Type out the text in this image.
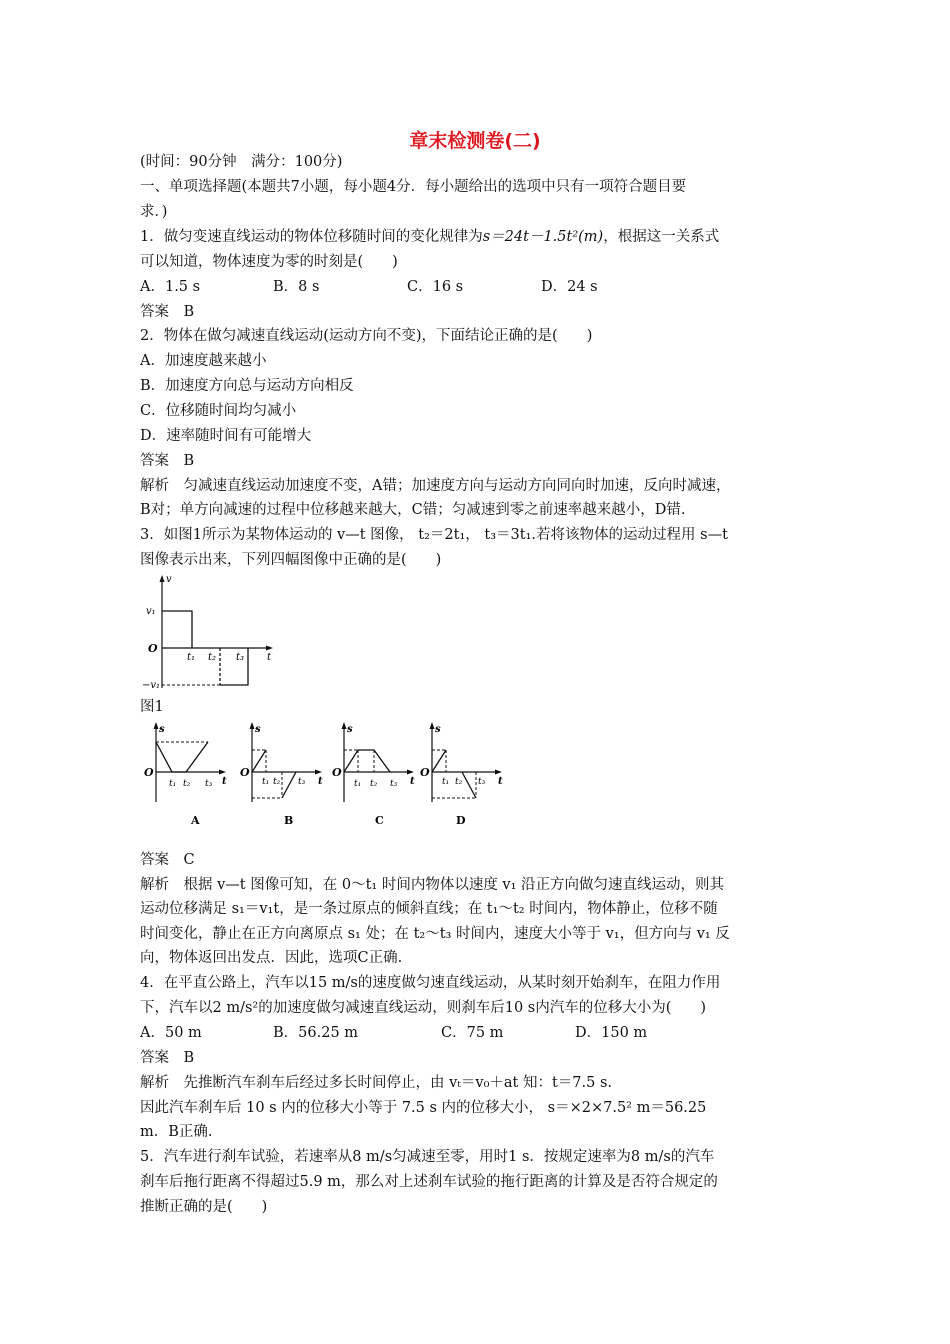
章末检测卷(二)
(时间：90分钟　满分：100分)
一、单项选择题(本题共7小题，每小题4分．每小题给出的选项中只有一项符合题目要
求．)
1．做匀变速直线运动的物体位移随时间的变化规律为s＝24t－1.5t²(m)，根据这一关系式
可以知道，物体速度为零的时刻是(　　)
A．1.5 s	B．8 s	C．16 s	D．24 s
答案　B
2．物体在做匀减速直线运动(运动方向不变)，下面结论正确的是(　　)
A．加速度越来越小
B．加速度方向总与运动方向相反
C．位移随时间均匀减小
D．速率随时间有可能增大
答案　B
解析　匀减速直线运动加速度不变，A错；加速度方向与运动方向同向时加速，反向时减速，
B对；单方向减速的过程中位移越来越大，C错；匀减速到零之前速率越来越小，D错.
3．如图1所示为某物体运动的 v—t 图像， t₂＝2t₁， t₃＝3t₁.若将该物体的运动过程用 s—t
图像表示出来，下列四幅图像中正确的是(　　)
v
v₁
O
t₁ t₂ t₃ t
−v₁
图1
s
O
t₁ t₂ t₃ t
A
s
O
t₁ t₂ t₃ t
B
s
O
t₁ t₂ t₃ t
C
s
O
t₁ t₂ t₃ t
D
答案　C
解析　根据 v—t 图像可知，在 0～t₁ 时间内物体以速度 v₁ 沿正方向做匀速直线运动，则其
运动位移满足 s₁＝v₁t，是一条过原点的倾斜直线；在 t₁～t₂ 时间内，物体静止，位移不随
时间变化，静止在正方向离原点 s₁ 处；在 t₂～t₃ 时间内，速度大小等于 v₁，但方向与 v₁ 反
向，物体返回出发点．因此，选项C正确.
4．在平直公路上，汽车以15 m/s的速度做匀速直线运动，从某时刻开始刹车，在阻力作用
下，汽车以2 m/s²的加速度做匀减速直线运动，则刹车后10 s内汽车的位移大小为(　　)
A．50 m	B．56.25 m	C．75 m	D．150 m
答案　B
解析　先推断汽车刹车后经过多长时间停止，由 vₜ＝v₀＋at 知：t＝7.5 s.
因此汽车刹车后 10 s 内的位移大小等于 7.5 s 内的位移大小， s＝×2×7.5² m＝56.25
m．B正确.
5．汽车进行刹车试验，若速率从8 m/s匀减速至零，用时1 s．按规定速率为8 m/s的汽车
刹车后拖行距离不得超过5.9 m，那么对上述刹车试验的拖行距离的计算及是否符合规定的
推断正确的是(　　)
